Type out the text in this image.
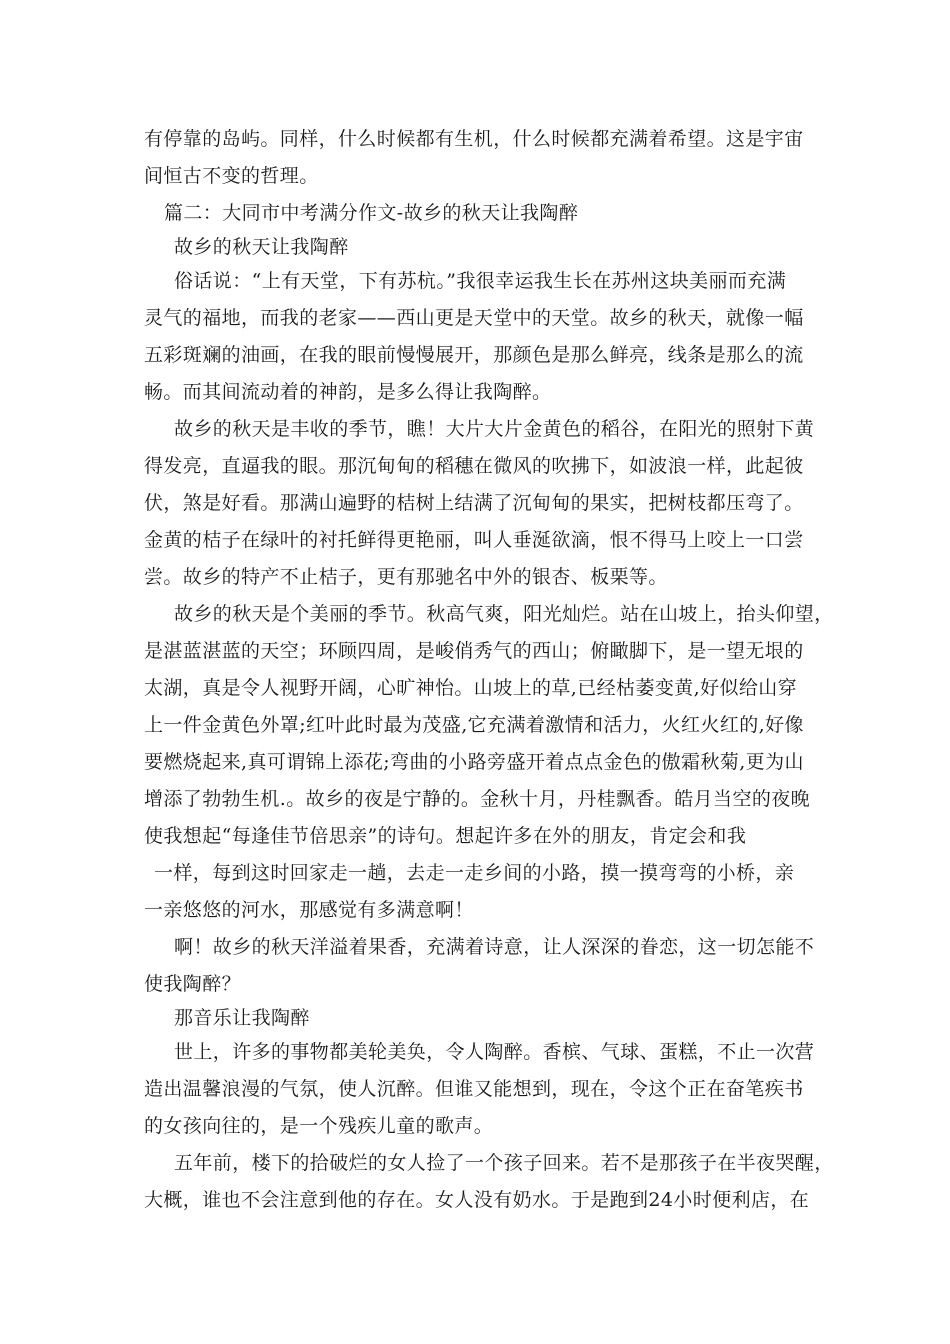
有停靠的岛屿。同样，什么时候都有生机，什么时候都充满着希望。这是宇宙
间恒古不变的哲理。
篇二：大同市中考满分作文-故乡的秋天让我陶醉
故乡的秋天让我陶醉
俗话说：“上有天堂，下有苏杭。”我很幸运我生长在苏州这块美丽而充满
灵气的福地，而我的老家——西山更是天堂中的天堂。故乡的秋天，就像一幅
五彩斑斓的油画，在我的眼前慢慢展开，那颜色是那么鲜亮，线条是那么的流
畅。而其间流动着的神韵，是多么得让我陶醉。
故乡的秋天是丰收的季节，瞧！大片大片金黄色的稻谷，在阳光的照射下黄
得发亮，直逼我的眼。那沉甸甸的稻穗在微风的吹拂下，如波浪一样，此起彼
伏，煞是好看。那满山遍野的桔树上结满了沉甸甸的果实，把树枝都压弯了。
金黄的桔子在绿叶的衬托鲜得更艳丽，叫人垂涎欲滴，恨不得马上咬上一口尝
尝。故乡的特产不止桔子，更有那驰名中外的银杏、板栗等。
故乡的秋天是个美丽的季节。秋高气爽，阳光灿烂。站在山坡上，抬头仰望，
是湛蓝湛蓝的天空；环顾四周，是峻俏秀气的西山；俯瞰脚下，是一望无垠的
太湖，真是令人视野开阔，心旷神怡。山坡上的草,已经枯萎变黄,好似给山穿
上一件金黄色外罩;红叶此时最为茂盛,它充满着激情和活力，火红火红的,好像
要燃烧起来,真可谓锦上添花;弯曲的小路旁盛开着点点金色的傲霜秋菊,更为山
增添了勃勃生机.。故乡的夜是宁静的。金秋十月，丹桂飘香。皓月当空的夜晚
使我想起“每逢佳节倍思亲”的诗句。想起许多在外的朋友，肯定会和我
一样，每到这时回家走一趟，去走一走乡间的小路，摸一摸弯弯的小桥，亲
一亲悠悠的河水，那感觉有多满意啊！
啊！故乡的秋天洋溢着果香，充满着诗意，让人深深的眷恋，这一切怎能不
使我陶醉？
那音乐让我陶醉
世上，许多的事物都美轮美奂，令人陶醉。香槟、气球、蛋糕，不止一次营
造出温馨浪漫的气氛，使人沉醉。但谁又能想到，现在，令这个正在奋笔疾书
的女孩向往的，是一个残疾儿童的歌声。
五年前，楼下的拾破烂的女人捡了一个孩子回来。若不是那孩子在半夜哭醒，
大概，谁也不会注意到他的存在。女人没有奶水。于是跑到24小时便利店，在
